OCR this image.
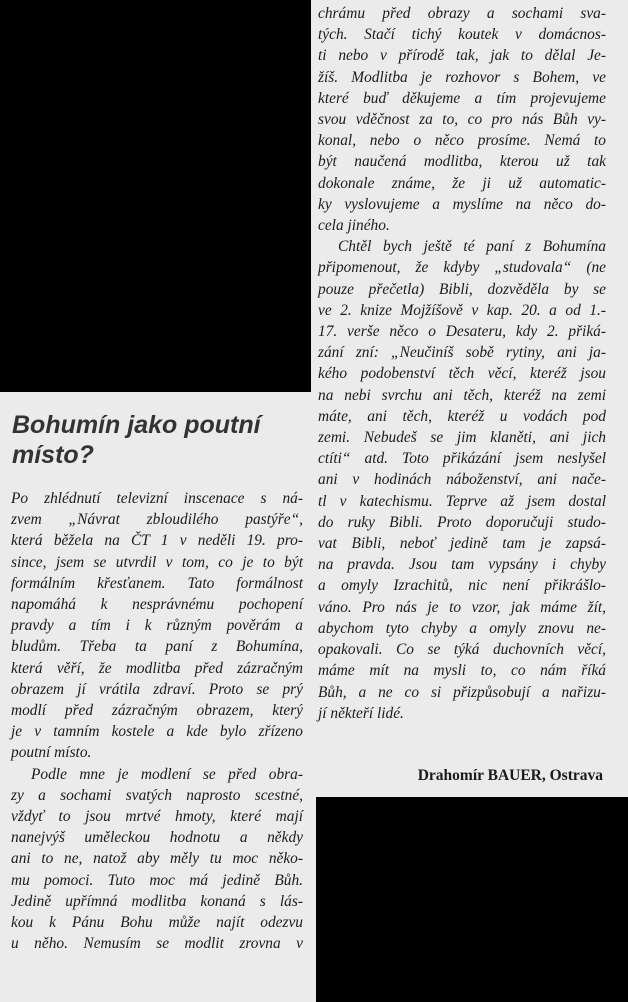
Bohumín jako poutní
místo?
Po zhlédnutí televizní inscenace s ná-
zvem „Návrat zbloudilého pastýře“,
která běžela na ČT 1 v neděli 19. pro-
since, jsem se utvrdil v tom, co je to být
formálním křesťanem. Tato formálnost
napomáhá k nesprávnému pochopení
pravdy a tím i k různým pověrám a
bludům. Třeba ta paní z Bohumína,
která věří, že modlitba před zázračným
obrazem jí vrátila zdraví. Proto se prý
modlí před zázračným obrazem, který
je v tamním kostele a kde bylo zřízeno
poutní místo.
Podle mne je modlení se před obra-
zy a sochami svatých naprosto scestné,
vždyť to jsou mrtvé hmoty, které mají
nanejvýš uměleckou hodnotu a někdy
ani to ne, natož aby měly tu moc něko-
mu pomoci. Tuto moc má jedině Bůh.
Jedině upřímná modlitba konaná s lás-
kou k Pánu Bohu může najít odezvu
u něho. Nemusím se modlit zrovna v
chrámu před obrazy a sochami sva-
tých. Stačí tichý koutek v domácnos-
ti nebo v přírodě tak, jak to dělal Je-
žíš. Modlitba je rozhovor s Bohem, ve
které buď děkujeme a tím projevujeme
svou vděčnost za to, co pro nás Bůh vy-
konal, nebo o něco prosíme. Nemá to
být naučená modlitba, kterou už tak
dokonale známe, že ji už automatic-
ky vyslovujeme a myslíme na něco do-
cela jiného.
Chtěl bych ještě té paní z Bohumína
připomenout, že kdyby „studovala“ (ne
pouze přečetla) Bibli, dozvěděla by se
ve 2. knize Mojžíšově v kap. 20. a od 1.-
17. verše něco o Desateru, kdy 2. přiká-
zání zní: „Neučiníš sobě rytiny, ani ja-
kého podobenství těch věcí, kteréž jsou
na nebi svrchu ani těch, kteréž na zemi
máte, ani těch, kteréž u vodách pod
zemi. Nebudeš se jim klaněti, ani jich
ctíti“ atd. Toto přikázání jsem neslyšel
ani v hodinách náboženství, ani nače-
tl v katechismu. Teprve až jsem dostal
do ruky Bibli. Proto doporučuji studo-
vat Bibli, neboť jedině tam je zapsá-
na pravda. Jsou tam vypsány i chyby
a omyly Izrachitů, nic není přikrášlo-
váno. Pro nás je to vzor, jak máme žít,
abychom tyto chyby a omyly znovu ne-
opakovali. Co se týká duchovních věcí,
máme mít na mysli to, co nám říká
Bůh, a ne co si přizpůsobují a nařizu-
jí někteří lidé.
Drahomír BAUER, Ostrava
